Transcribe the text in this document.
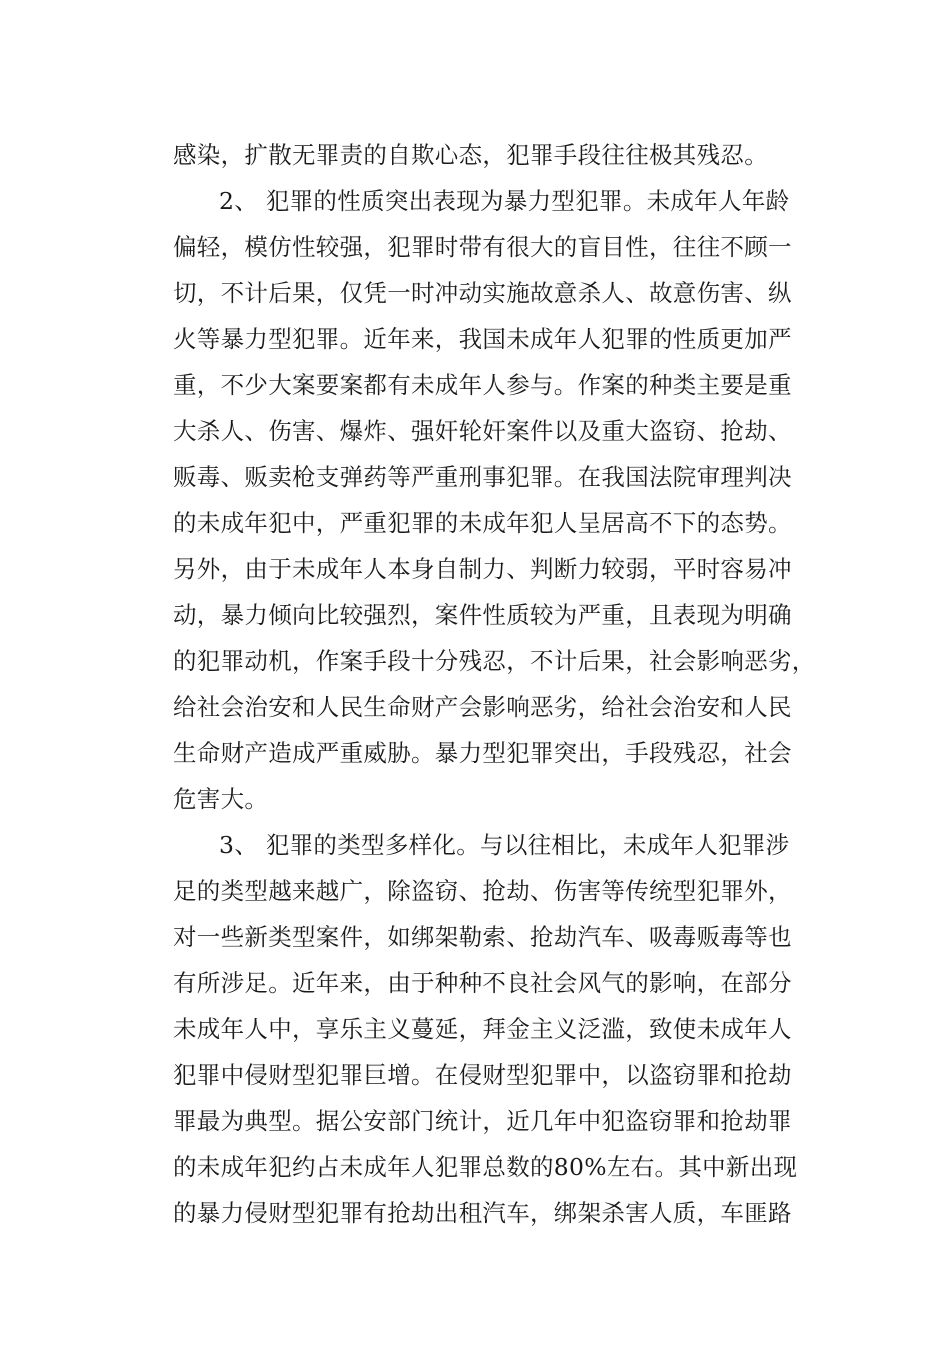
感染，扩散无罪责的自欺心态，犯罪手段往往极其残忍。
2、 犯罪的性质突出表现为暴力型犯罪。未成年人年龄
偏轻，模仿性较强，犯罪时带有很大的盲目性，往往不顾一
切，不计后果，仅凭一时冲动实施故意杀人、故意伤害、纵
火等暴力型犯罪。近年来，我国未成年人犯罪的性质更加严
重，不少大案要案都有未成年人参与。作案的种类主要是重
大杀人、伤害、爆炸、强奸轮奸案件以及重大盗窃、抢劫、
贩毒、贩卖枪支弹药等严重刑事犯罪。在我国法院审理判决
的未成年犯中，严重犯罪的未成年犯人呈居高不下的态势。
另外，由于未成年人本身自制力、判断力较弱，平时容易冲
动，暴力倾向比较强烈，案件性质较为严重，且表现为明确
的犯罪动机，作案手段十分残忍，不计后果，社会影响恶劣，
给社会治安和人民生命财产会影响恶劣，给社会治安和人民
生命财产造成严重威胁。暴力型犯罪突出，手段残忍，社会
危害大。
3、 犯罪的类型多样化。与以往相比，未成年人犯罪涉
足的类型越来越广，除盗窃、抢劫、伤害等传统型犯罪外，
对一些新类型案件，如绑架勒索、抢劫汽车、吸毒贩毒等也
有所涉足。近年来，由于种种不良社会风气的影响，在部分
未成年人中，享乐主义蔓延，拜金主义泛滥，致使未成年人
犯罪中侵财型犯罪巨增。在侵财型犯罪中，以盗窃罪和抢劫
罪最为典型。据公安部门统计，近几年中犯盗窃罪和抢劫罪
的未成年犯约占未成年人犯罪总数的80%左右。其中新出现
的暴力侵财型犯罪有抢劫出租汽车，绑架杀害人质，车匪路
